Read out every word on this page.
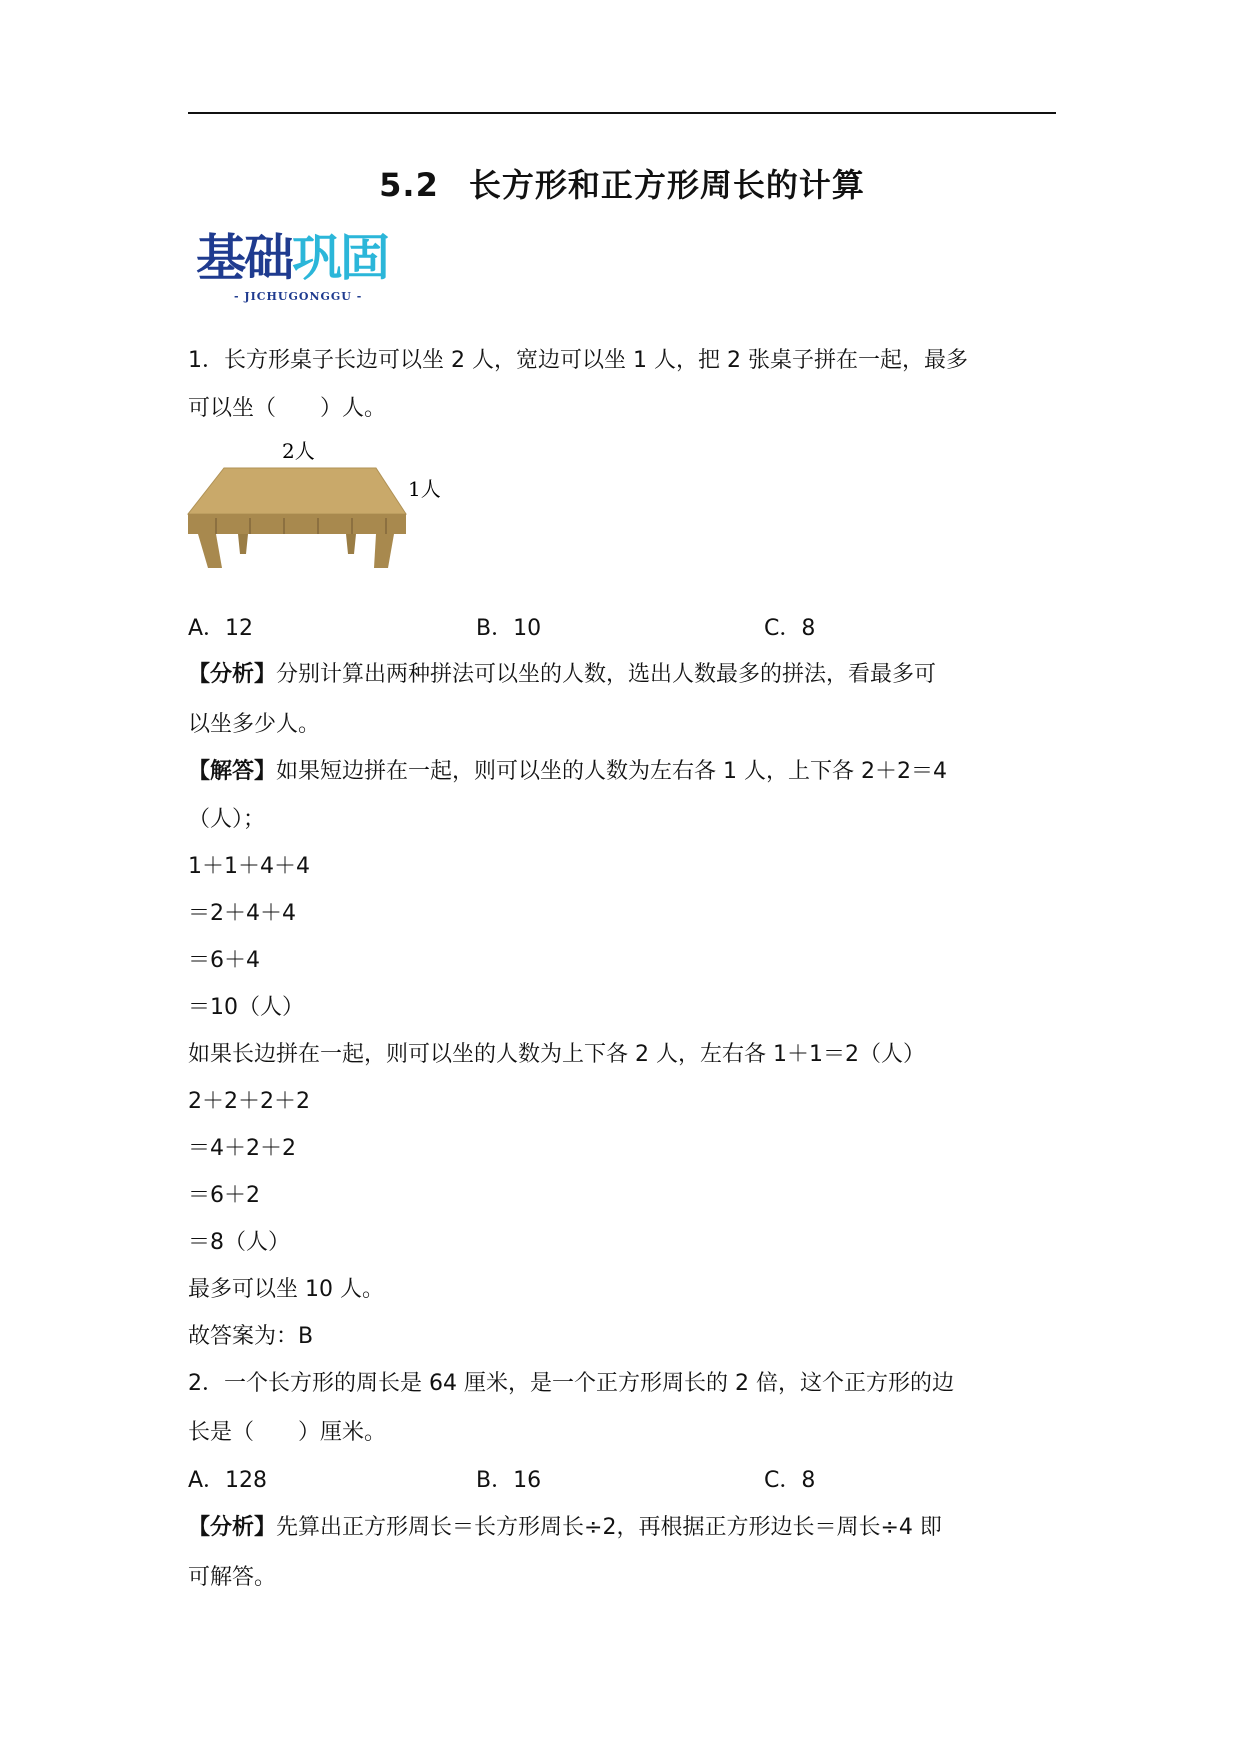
5.2 长方形和正方形周长的计算
基础巩固
- JICHUGONGGU -
1．长方形桌子长边可以坐 2 人，宽边可以坐 1 人，把 2 张桌子拼在一起，最多
可以坐（　　）人。
2人
1人
A．12	B．10	C．8
【分析】分别计算出两种拼法可以坐的人数，选出人数最多的拼法，看最多可
以坐多少人。
【解答】如果短边拼在一起，则可以坐的人数为左右各 1 人，上下各 2＋2＝4
（人）；
1＋1＋4＋4
＝2＋4＋4
＝6＋4
＝10（人）
如果长边拼在一起，则可以坐的人数为上下各 2 人，左右各 1＋1＝2（人）
2＋2＋2＋2
＝4＋2＋2
＝6＋2
＝8（人）
最多可以坐 10 人。
故答案为：B
2．一个长方形的周长是 64 厘米，是一个正方形周长的 2 倍，这个正方形的边
长是（　　）厘米。
A．128	B．16	C．8
【分析】先算出正方形周长＝长方形周长÷2，再根据正方形边长＝周长÷4 即
可解答。
